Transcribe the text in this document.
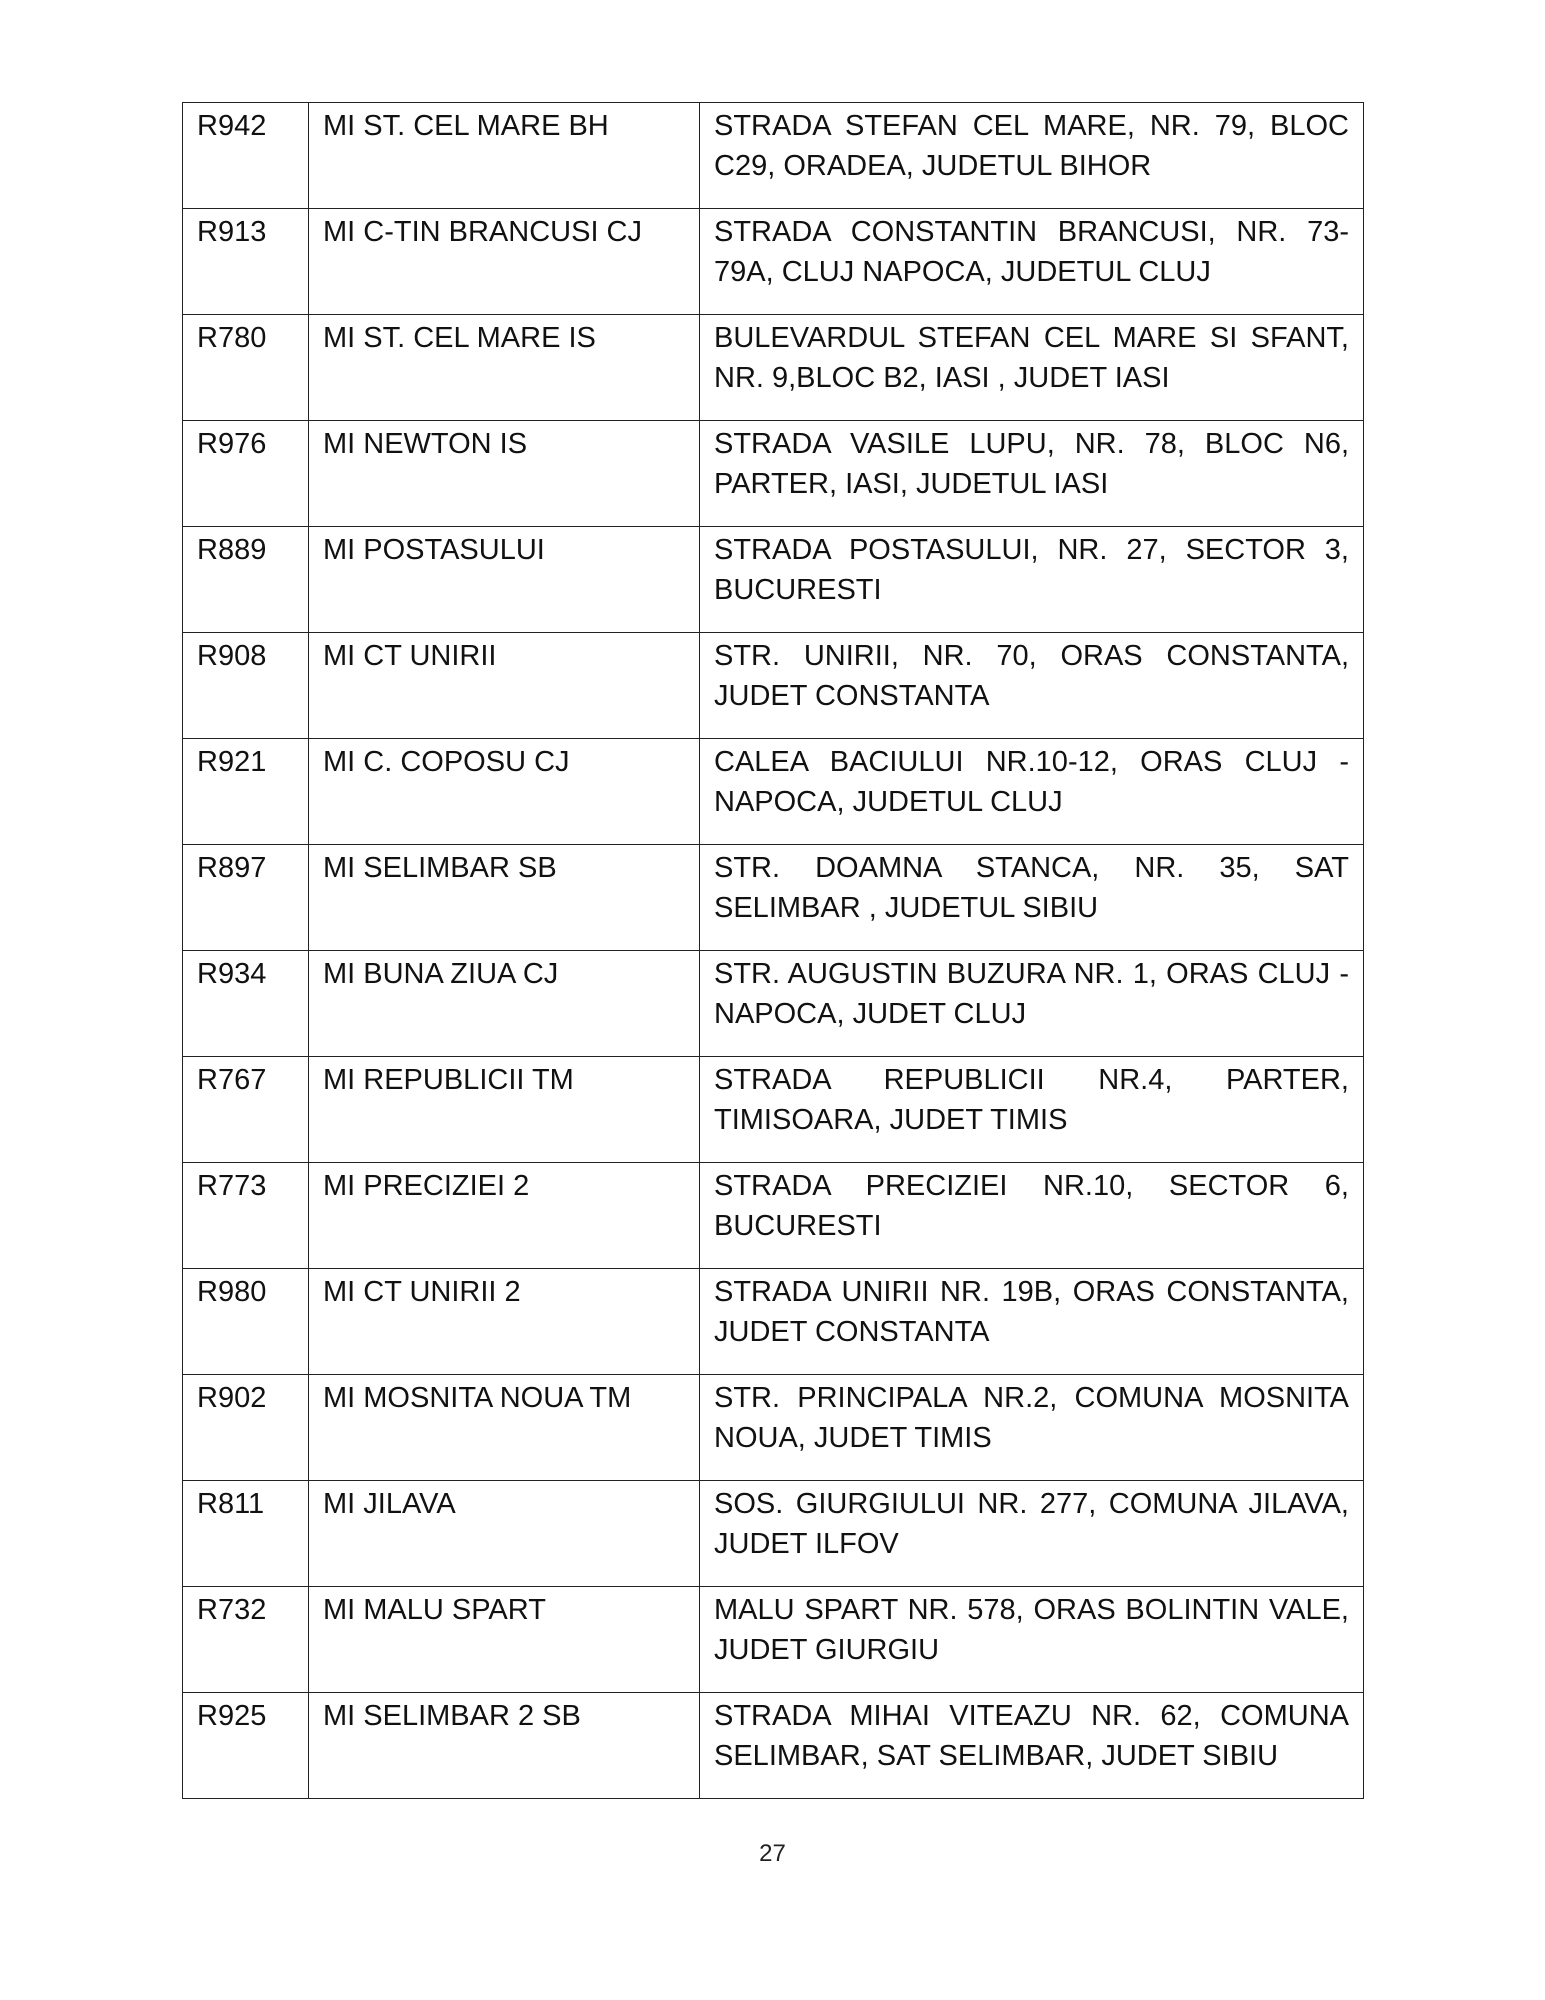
R942	MI ST. CEL MARE BH	STRADA STEFAN CEL MARE, NR. 79, BLOC C29, ORADEA, JUDETUL BIHOR

R913	MI C-TIN BRANCUSI CJ	STRADA CONSTANTIN BRANCUSI, NR. 73-79A, CLUJ NAPOCA, JUDETUL CLUJ

R780	MI ST. CEL MARE IS	BULEVARDUL STEFAN CEL MARE SI SFANT, NR. 9,BLOC B2, IASI , JUDET IASI

R976	MI NEWTON IS	STRADA VASILE LUPU, NR. 78, BLOC N6, PARTER, IASI, JUDETUL IASI

R889	MI POSTASULUI	STRADA POSTASULUI, NR. 27, SECTOR 3, BUCURESTI

R908	MI CT UNIRII	STR. UNIRII, NR. 70, ORAS CONSTANTA, JUDET CONSTANTA

R921	MI C. COPOSU CJ	CALEA BACIULUI NR.10-12, ORAS CLUJ - NAPOCA, JUDETUL CLUJ

R897	MI SELIMBAR SB	STR. DOAMNA STANCA, NR. 35, SAT SELIMBAR , JUDETUL SIBIU

R934	MI BUNA ZIUA CJ	STR. AUGUSTIN BUZURA NR. 1, ORAS CLUJ - NAPOCA, JUDET CLUJ

R767	MI REPUBLICII TM	STRADA REPUBLICII NR.4, PARTER, TIMISOARA, JUDET TIMIS

R773	MI PRECIZIEI 2	STRADA PRECIZIEI NR.10, SECTOR 6, BUCURESTI

R980	MI CT UNIRII 2	STRADA UNIRII NR. 19B, ORAS CONSTANTA, JUDET CONSTANTA

R902	MI MOSNITA NOUA TM	STR. PRINCIPALA NR.2, COMUNA MOSNITA NOUA, JUDET TIMIS

R811	MI JILAVA	SOS. GIURGIULUI NR. 277, COMUNA JILAVA, JUDET ILFOV

R732	MI MALU SPART	MALU SPART NR. 578, ORAS BOLINTIN VALE, JUDET GIURGIU

R925	MI SELIMBAR 2 SB	STRADA MIHAI VITEAZU NR. 62, COMUNA SELIMBAR, SAT SELIMBAR, JUDET SIBIU
27
